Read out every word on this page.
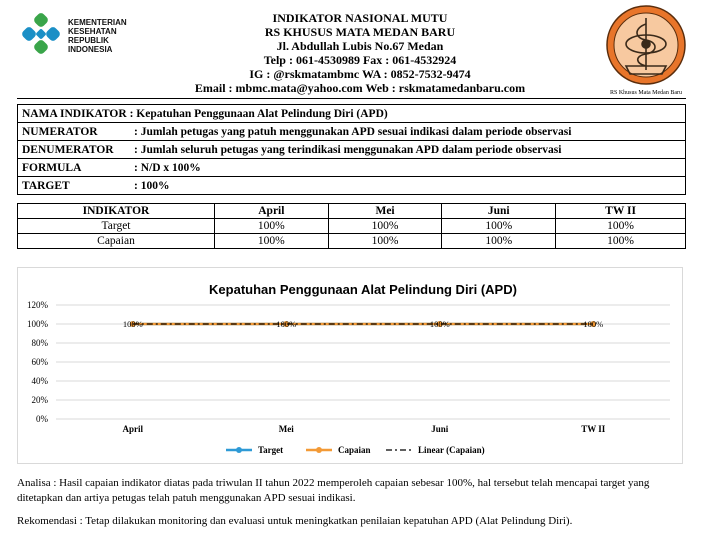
KEMENTERIAN
KESEHATAN
REPUBLIK
INDONESIA
INDIKATOR NASIONAL MUTU
RS KHUSUS MATA MEDAN BARU
Jl. Abdullah Lubis No.67 Medan
Telp : 061-4530989 Fax : 061-4532924
IG : @rskmatambmc WA : 0852-7532-9474
Email : mbmc.mata@yahoo.com Web : rskmatamedanbaru.com	RS Khusus Mata Medan Baru
NAMA INDIKATOR : Kepatuhan Penggunaan Alat Pelindung Diri (APD)
NUMERATOR	: Jumlah petugas yang patuh menggunakan APD sesuai indikasi dalam periode observasi
DENUMERATOR : Jumlah seluruh petugas yang terindikasi menggunakan APD dalam periode observasi
FORMULA	: N/D x 100%
TARGET	: 100%
INDIKATOR	April	Mei	Juni	TW II
Target	100%	100%	100%	100%
Capaian	100%	100%	100%	100%
Kepatuhan Penggunaan Alat Pelindung Diri (APD)
0%
20%
40%
60%
80%
100%
120%
April	Mei	Juni	TW II
100%	100%	100%	100%
Target	Capaian	Linear (Capaian)
Analisa : Hasil capaian indikator diatas pada triwulan II tahun 2022 memperoleh capaian sebesar 100%, hal tersebut telah mencapai target yang ditetapkan dan artiya petugas telah patuh menggunakan APD sesuai indikasi.
Rekomendasi : Tetap dilakukan monitoring dan evaluasi untuk meningkatkan penilaian kepatuhan APD (Alat Pelindung Diri).
